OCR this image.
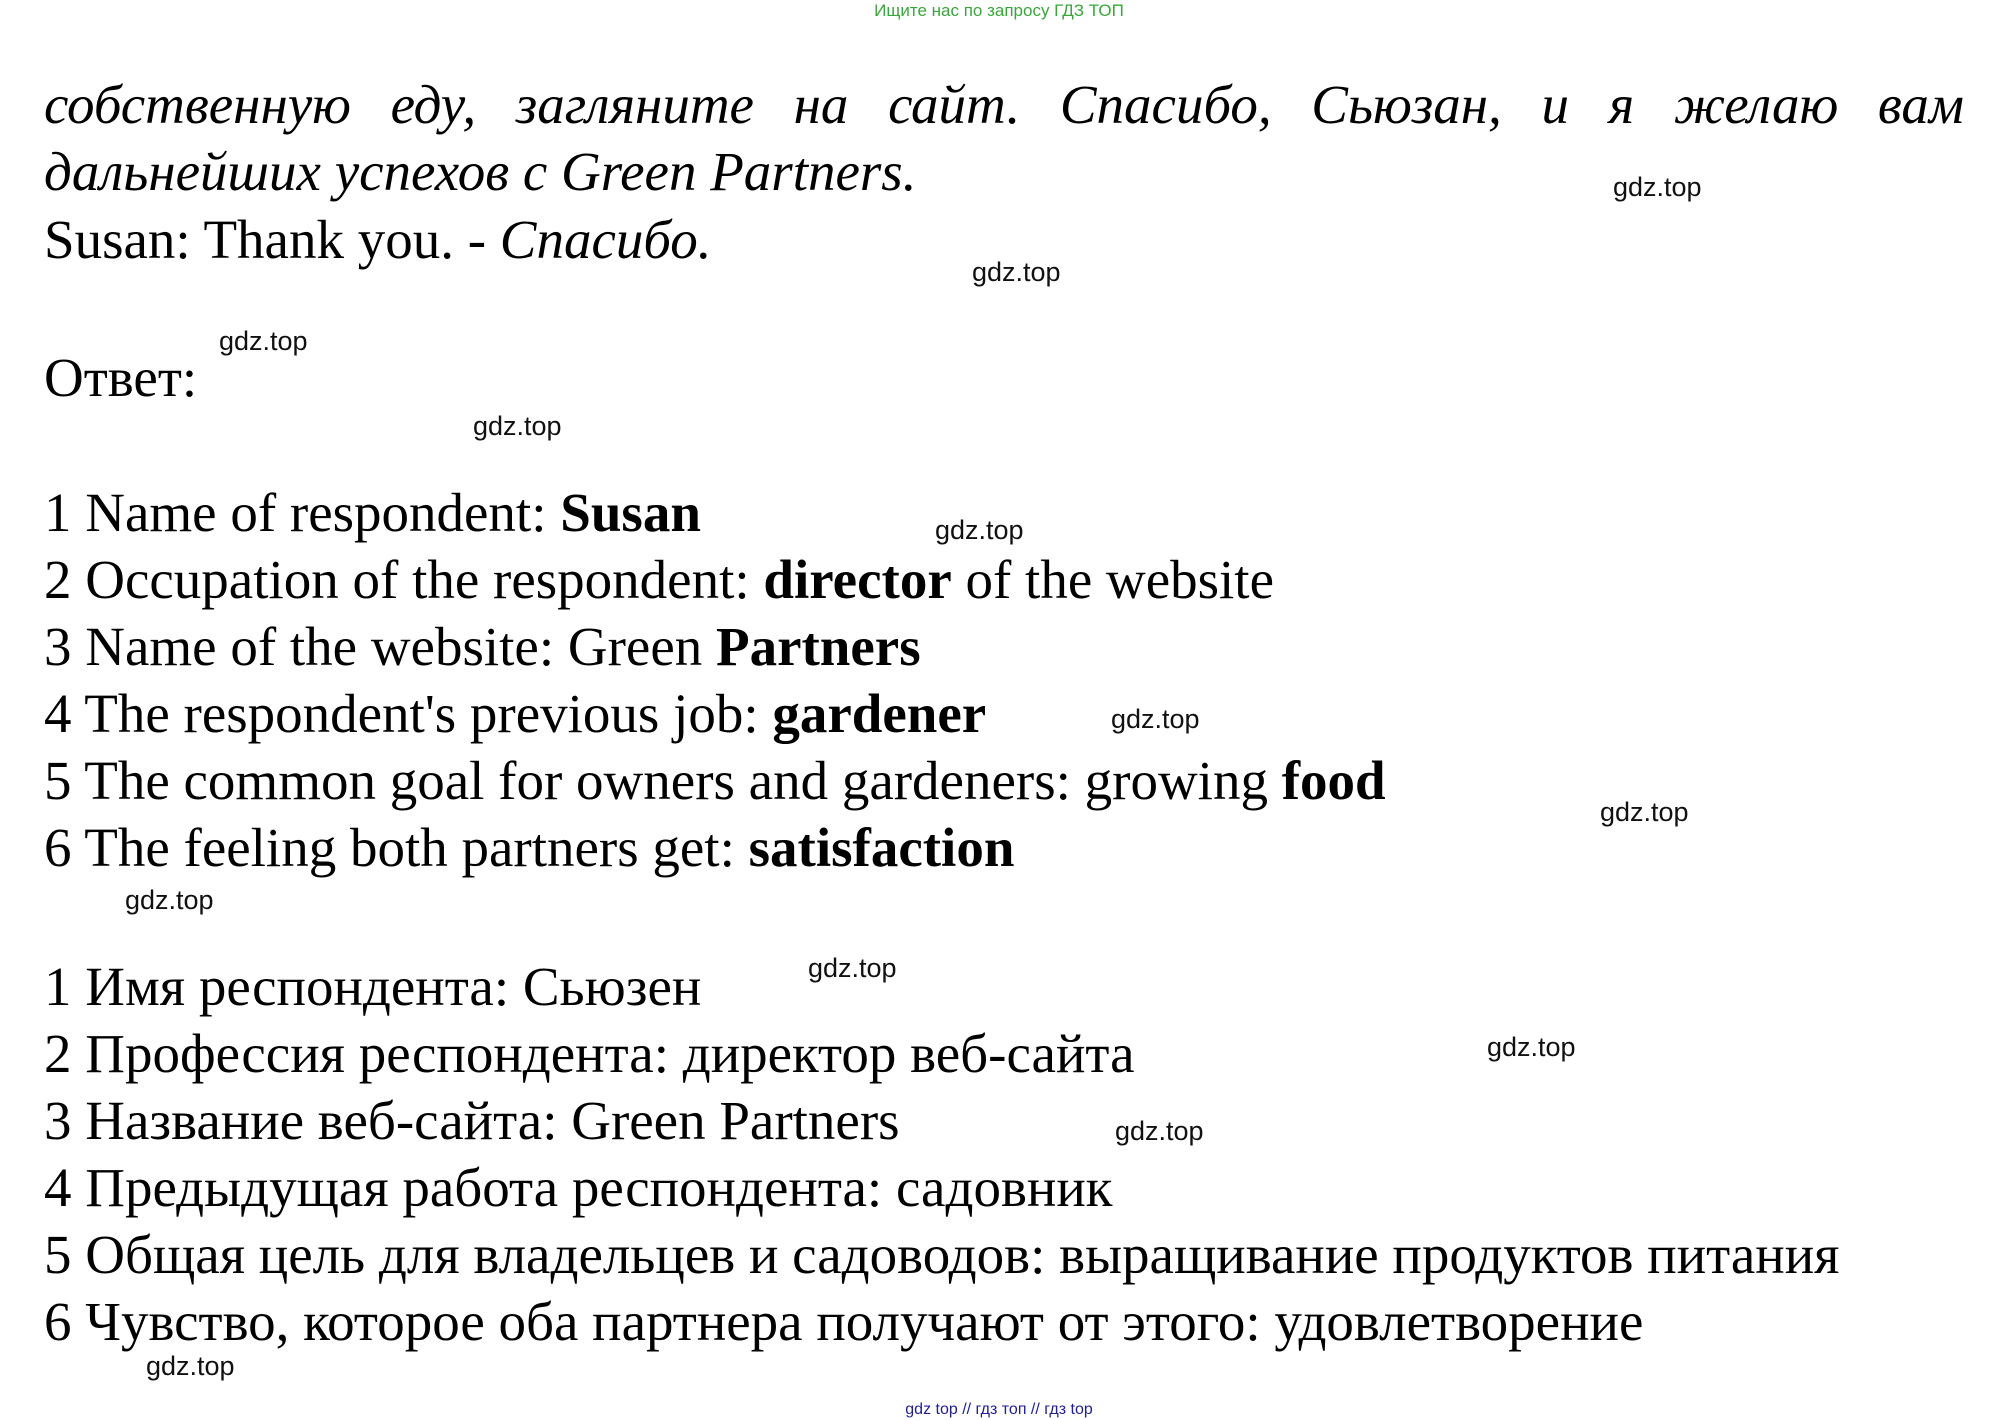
Ищите нас по запросу ГДЗ ТОП
собственную еду, загляните на сайт. Спасибо, Сьюзан, и я желаю вам
дальнейших успехов с Green Partners.
Susan: Thank you. - Спасибо.
Ответ:
1 Name of respondent: Susan
2 Occupation of the respondent: director of the website
3 Name of the website: Green Partners
4 The respondent's previous job: gardener
5 The common goal for owners and gardeners: growing food
6 The feeling both partners get: satisfaction
1 Имя респондента: Сьюзен
2 Профессия респондента: директор веб-сайта
3 Название веб-сайта: Green Partners
4 Предыдущая работа респондента: садовник
5 Общая цель для владельцев и садоводов: выращивание продуктов питания
6 Чувство, которое оба партнера получают от этого: удовлетворение
gdz.top
gdz.top
gdz.top
gdz.top
gdz.top
gdz.top
gdz.top
gdz.top
gdz.top
gdz.top
gdz.top
gdz.top
gdz top // гдз топ // гдз top
